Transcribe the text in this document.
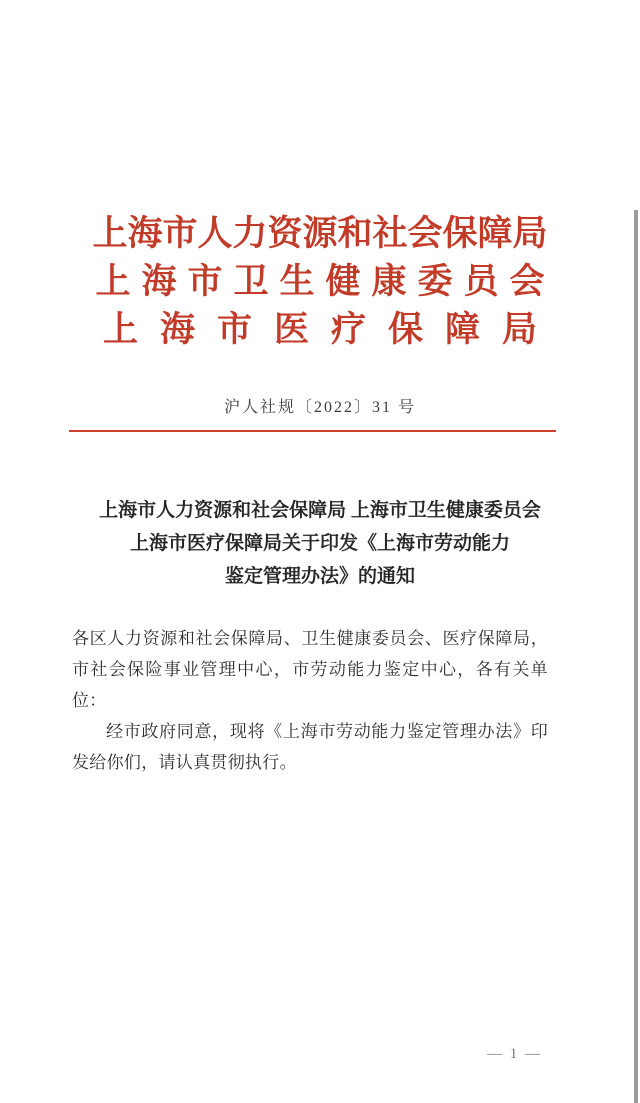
上海市人力资源和社会保障局
上海市卫生健康委员会
上海市医疗保障局
沪人社规〔2022〕31 号
上海市人力资源和社会保障局 上海市卫生健康委员会
上海市医疗保障局关于印发《上海市劳动能力
鉴定管理办法》的通知

各区人力资源和社会保障局、卫生健康委员会、医疗保障局，市社会保险事业管理中心，市劳动能力鉴定中心，各有关单位：

经市政府同意，现将《上海市劳动能力鉴定管理办法》印发给你们，请认真贯彻执行。

— 1 —
